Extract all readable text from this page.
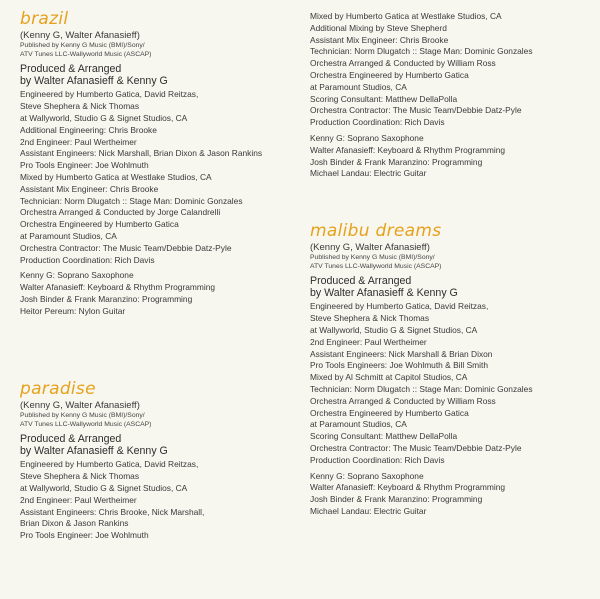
brazil

(Kenny G, Walter Afanasieff)

Published by Kenny G Music (BMI)/Sony/

ATV Tunes LLC-Wallyworld Music (ASCAP)

Produced & Arranged
by Walter Afanasieff & Kenny G

Engineered by Humberto Gatica, David Reitzas,

Steve Shephera & Nick Thomas

at Wallyworld, Studio G & Signet Studios, CA

Additional Engineering: Chris Brooke

2nd Engineer: Paul Wertheimer

Assistant Engineers: Nick Marshall, Brian Dixon & Jason Rankins

Pro Tools Engineer: Joe Wohlmuth

Mixed by Humberto Gatica at Westlake Studios, CA

Assistant Mix Engineer: Chris Brooke

Technician: Norm Dlugatch :: Stage Man: Dominic Gonzales

Orchestra Arranged & Conducted by Jorge Calandrelli

Orchestra Engineered by Humberto Gatica

at Paramount Studios, CA

Orchestra Contractor: The Music Team/Debbie Datz-Pyle

Production Coordination: Rich Davis

Kenny G: Soprano Saxophone

Walter Afanasieff: Keyboard & Rhythm Programming

Josh Binder & Frank Maranzino: Programming

Heitor Pereum: Nylon Guitar

paradise

(Kenny G, Walter Afanasieff)

Published by Kenny G Music (BMI)/Sony/

ATV Tunes LLC-Wallyworld Music (ASCAP)

Produced & Arranged
by Walter Afanasieff & Kenny G

Engineered by Humberto Gatica, David Reitzas,

Steve Shephera & Nick Thomas

at Wallyworld, Studio G & Signet Studios, CA

2nd Engineer: Paul Wertheimer

Assistant Engineers: Chris Brooke, Nick Marshall,

Brian Dixon & Jason Rankins

Pro Tools Engineer: Joe Wohlmuth

Mixed by Humberto Gatica at Westlake Studios, CA

Additional Mixing by Steve Shepherd

Assistant Mix Engineer: Chris Brooke

Technician: Norm Dlugatch :: Stage Man: Dominic Gonzales

Orchestra Arranged & Conducted by William Ross

Orchestra Engineered by Humberto Gatica

at Paramount Studios, CA

Scoring Consultant: Matthew DellaPolla

Orchestra Contractor: The Music Team/Debbie Datz-Pyle

Production Coordination: Rich Davis

Kenny G: Soprano Saxophone

Walter Afanasieff: Keyboard & Rhythm Programming

Josh Binder & Frank Maranzino: Programming

Michael Landau: Electric Guitar

malibu dreams

(Kenny G, Walter Afanasieff)

Published by Kenny G Music (BMI)/Sony/

ATV Tunes LLC-Wallyworld Music (ASCAP)

Produced & Arranged
by Walter Afanasieff & Kenny G

Engineered by Humberto Gatica, David Reitzas,

Steve Shephera & Nick Thomas

at Wallyworld, Studio G & Signet Studios, CA

2nd Engineer: Paul Wertheimer

Assistant Engineers: Nick Marshall & Brian Dixon

Pro Tools Engineers: Joe Wohlmuth & Bill Smith

Mixed by Al Schmitt at Capitol Studios, CA

Technician: Norm Dlugatch :: Stage Man: Dominic Gonzales

Orchestra Arranged & Conducted by William Ross

Orchestra Engineered by Humberto Gatica

at Paramount Studios, CA

Scoring Consultant: Matthew DellaPolla

Orchestra Contractor: The Music Team/Debbie Datz-Pyle

Production Coordination: Rich Davis

Kenny G: Soprano Saxophone

Walter Afanasieff: Keyboard & Rhythm Programming

Josh Binder & Frank Maranzino: Programming

Michael Landau: Electric Guitar
